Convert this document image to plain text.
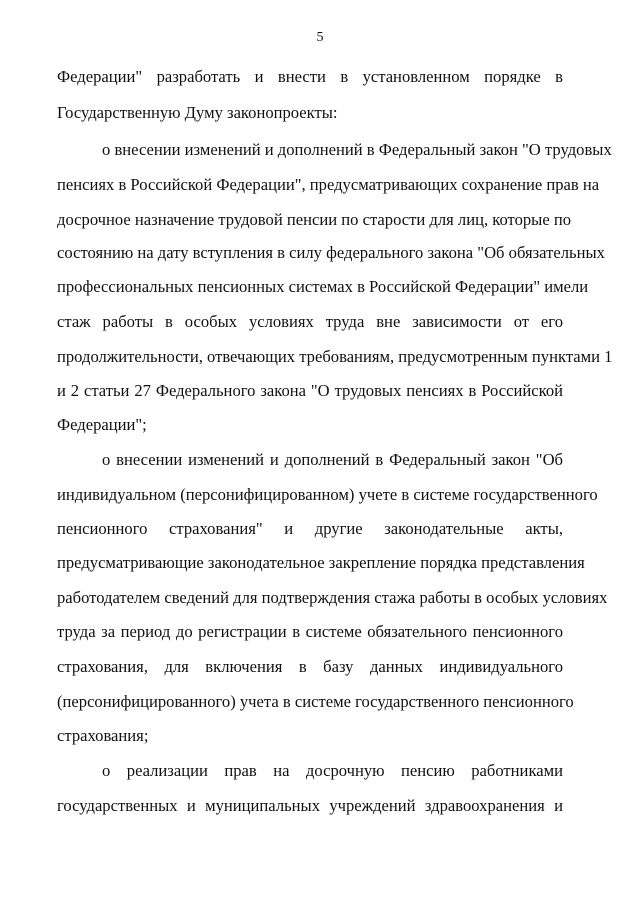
5
Федерации" разработать и внести в установленном порядке в
Государственную Думу законопроекты:
о внесении изменений и дополнений в Федеральный закон "О трудовых
пенсиях в Российской Федерации", предусматривающих сохранение прав на
досрочное назначение трудовой пенсии по старости для лиц, которые по
состоянию на дату вступления в силу федерального закона "Об обязательных
профессиональных пенсионных системах в Российской Федерации" имели
стаж работы в особых условиях труда вне зависимости от его
продолжительности, отвечающих требованиям, предусмотренным пунктами 1
и 2 статьи 27 Федерального закона "О трудовых пенсиях в Российской
Федерации";
о внесении изменений и дополнений в Федеральный закон "Об
индивидуальном (персонифицированном) учете в системе государственного
пенсионного страхования" и другие законодательные акты,
предусматривающие законодательное закрепление порядка представления
работодателем сведений для подтверждения стажа работы в особых условиях
труда за период до регистрации в системе обязательного пенсионного
страхования, для включения в базу данных индивидуального
(персонифицированного) учета в системе государственного пенсионного
страхования;
о реализации прав на досрочную пенсию работниками
государственных и муниципальных учреждений здравоохранения и
